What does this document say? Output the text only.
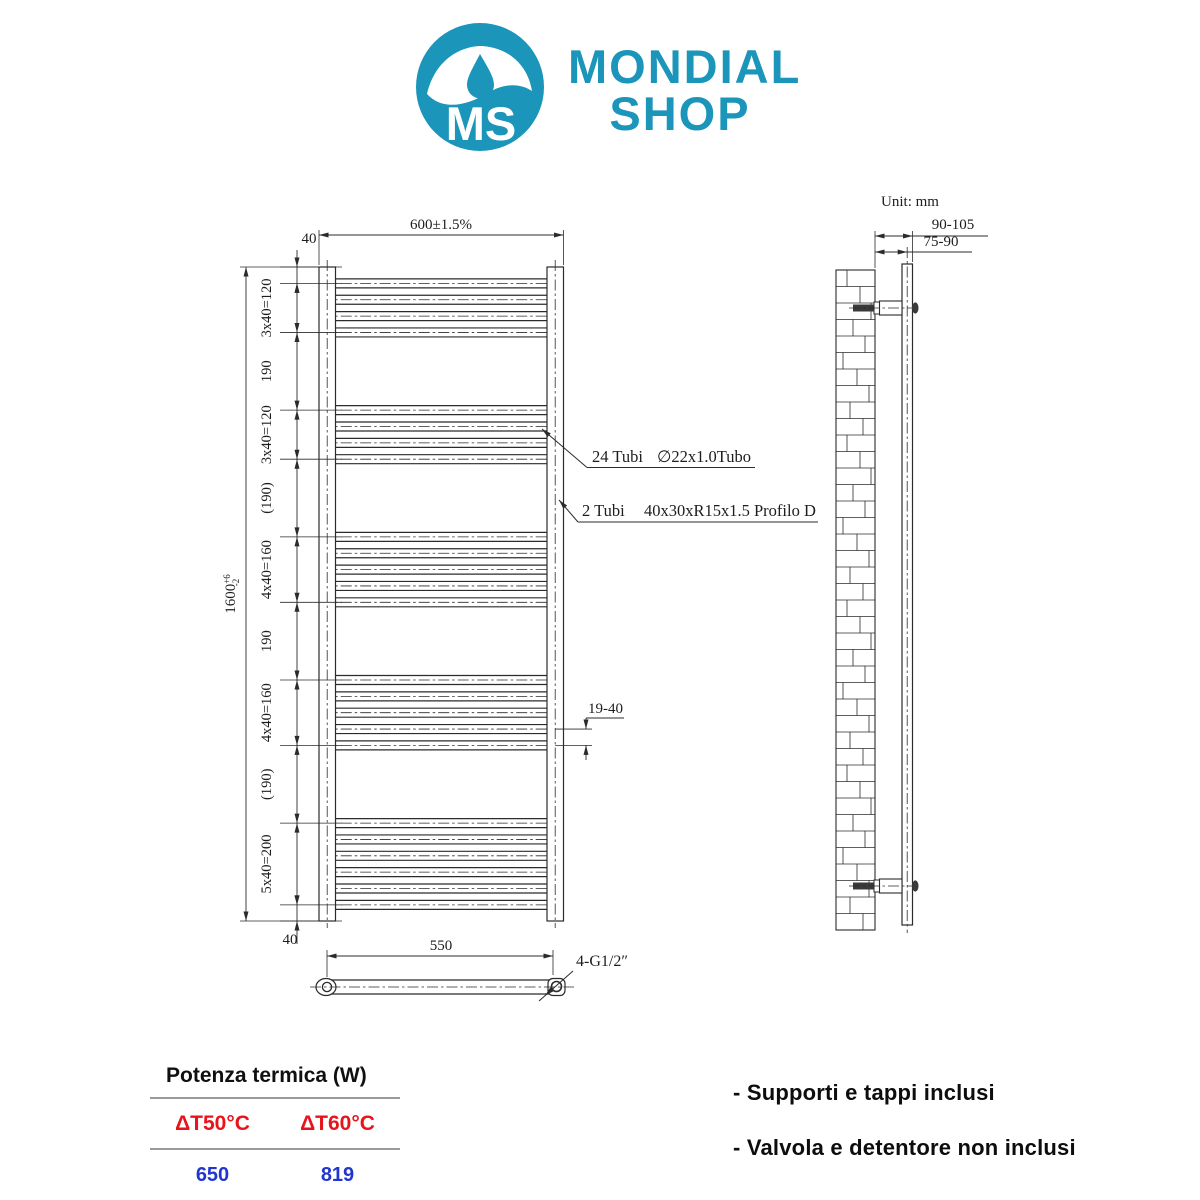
MS
MONDIAL
SHOP
3x40=120
190
3x40=120
(190)
4x40=160
190
4x40=160
(190)
5x40=200
40
40
$1600^{+6}-2$
600±1.5%
19-40
24 Tubi ∅22x1.0Tubo
2 Tubi 40x30xR15x1.5 Profilo D
550
4-G1/2″
90-105
75-90
Unit: mm
Potenza termica (W)
ΔT50°C	ΔT60°C
650	819
- Supporti e tappi inclusi
- Valvola e detentore non inclusi
